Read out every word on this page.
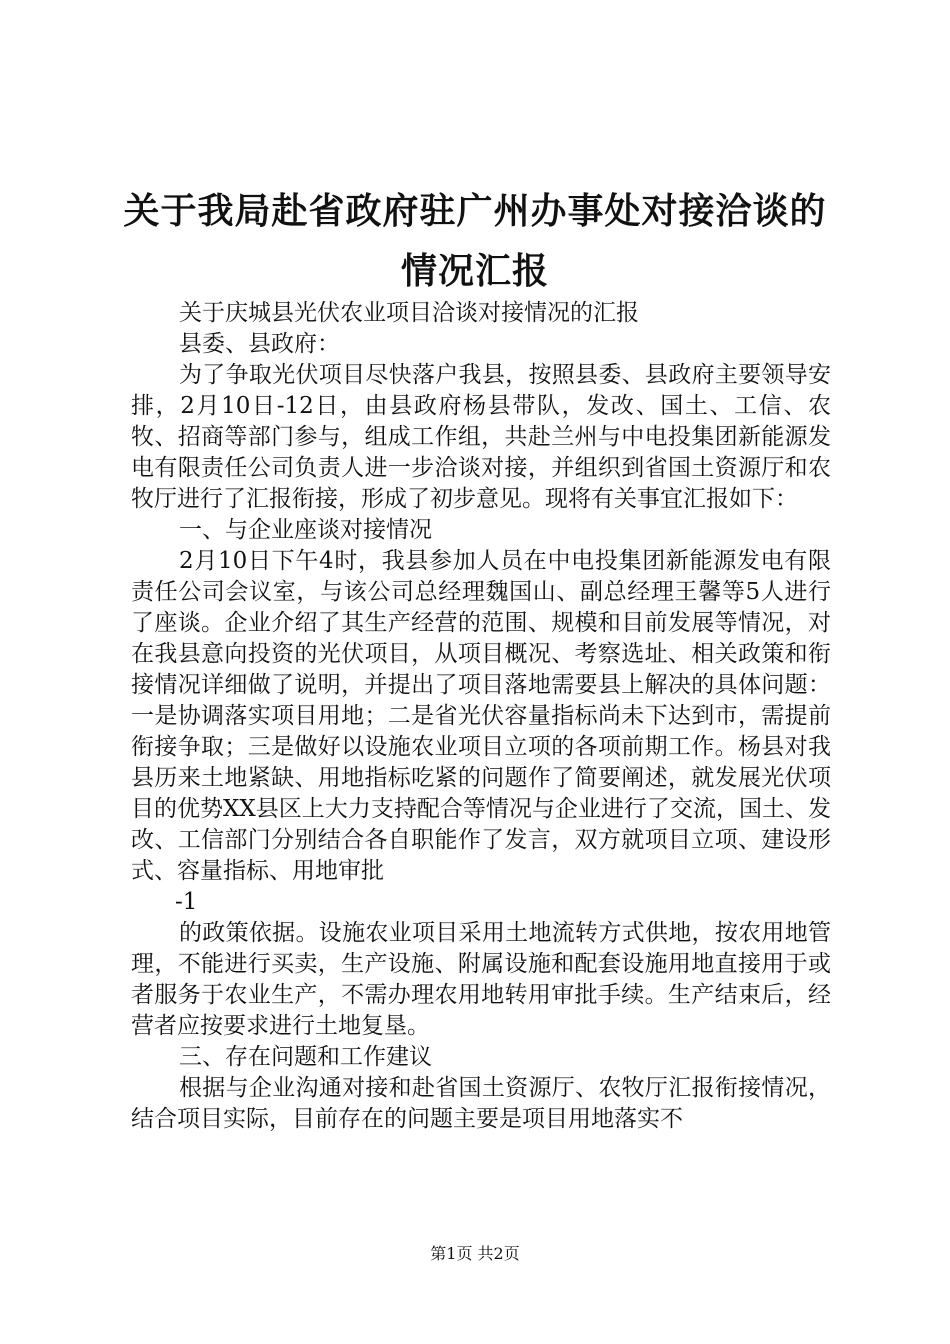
关于我局赴省政府驻广州办事处对接洽谈的情况汇报

关于庆城县光伏农业项目洽谈对接情况的汇报

县委、县政府：

为了争取光伏项目尽快落户我县，按照县委、县政府主要领导安排，2月10日-12日，由县政府杨县带队，发改、国土、工信、农牧、招商等部门参与，组成工作组，共赴兰州与中电投集团新能源发电有限责任公司负责人进一步洽谈对接，并组织到省国土资源厅和农牧厅进行了汇报衔接，形成了初步意见。现将有关事宜汇报如下：

一、与企业座谈对接情况

2月10日下午4时，我县参加人员在中电投集团新能源发电有限责任公司会议室，与该公司总经理魏国山、副总经理王馨等5人进行了座谈。企业介绍了其生产经营的范围、规模和目前发展等情况，对在我县意向投资的光伏项目，从项目概况、考察选址、相关政策和衔接情况详细做了说明，并提出了项目落地需要县上解决的具体问题：一是协调落实项目用地；二是省光伏容量指标尚未下达到市，需提前衔接争取；三是做好以设施农业项目立项的各项前期工作。杨县对我县历来土地紧缺、用地指标吃紧的问题作了简要阐述，就发展光伏项目的优势XX县区上大力支持配合等情况与企业进行了交流，国土、发改、工信部门分别结合各自职能作了发言，双方就项目立项、建设形式、容量指标、用地审批

-1

的政策依据。设施农业项目采用土地流转方式供地，按农用地管理，不能进行买卖，生产设施、附属设施和配套设施用地直接用于或者服务于农业生产，不需办理农用地转用审批手续。生产结束后，经营者应按要求进行土地复垦。

三、存在问题和工作建议

根据与企业沟通对接和赴省国土资源厅、农牧厅汇报衔接情况，结合项目实际，目前存在的问题主要是项目用地落实不

第1页 共2页
